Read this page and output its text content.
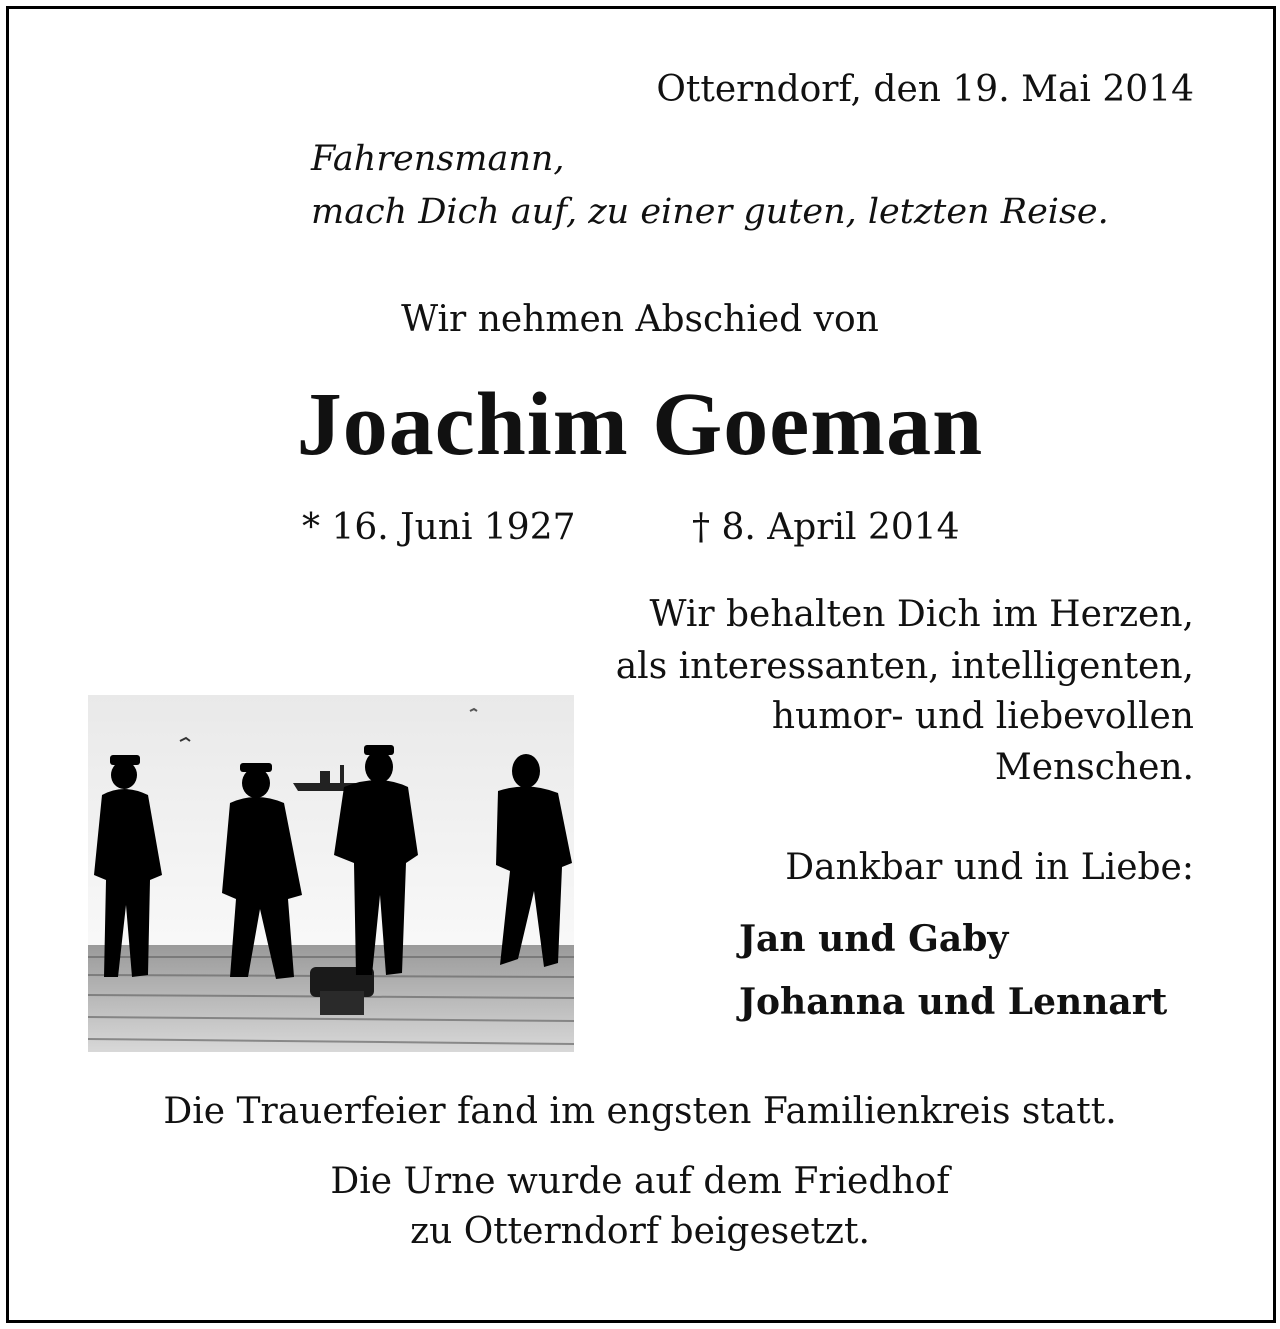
Otterndorf, den 19. Mai 2014
Fahrensmann,
mach Dich auf, zu einer guten, letzten Reise.
Wir nehmen Abschied von
Joachim Goeman
* 16. Juni 1927	† 8. April 2014
Wir behalten Dich im Herzen,
als interessanten, intelligenten,
humor- und liebevollen
Menschen.
Dankbar und in Liebe:
Jan und Gaby
Johanna und Lennart
Die Trauerfeier fand im engsten Familienkreis statt.
Die Urne wurde auf dem Friedhof
zu Otterndorf beigesetzt.
